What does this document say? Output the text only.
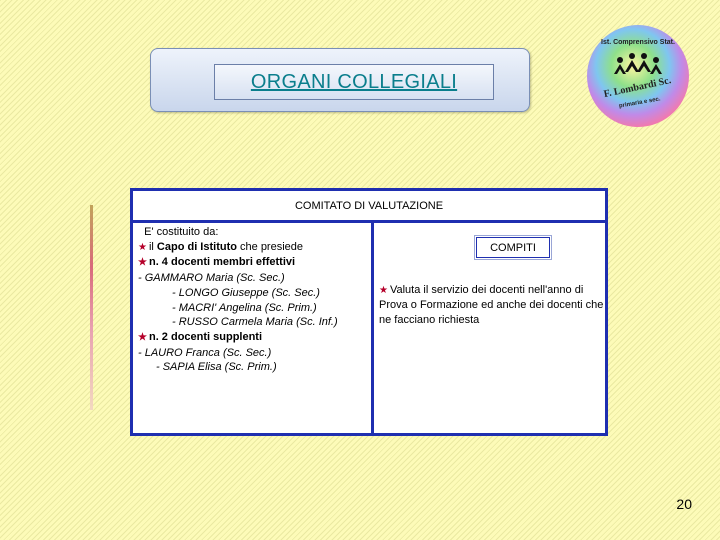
ORGANI COLLEGIALI
Ist. Comprensivo Stat.
F. Lombardi Sc.
primaria e sec.
COMITATO DI VALUTAZIONE
E' costituito da:
★ il Capo di Istituto che presiede
★ n. 4 docenti membri effettivi
- GAMMARO Maria (Sc. Sec.)
- LONGO Giuseppe (Sc. Sec.)
- MACRI' Angelina (Sc. Prim.)
- RUSSO Carmela Maria (Sc. Inf.)
★ n. 2 docenti supplenti
- LAURO Franca (Sc. Sec.)
- SAPIA Elisa (Sc. Prim.)
COMPITI
★ Valuta il servizio dei docenti nell'anno di Prova o Formazione ed anche dei docenti che ne facciano richiesta
20
